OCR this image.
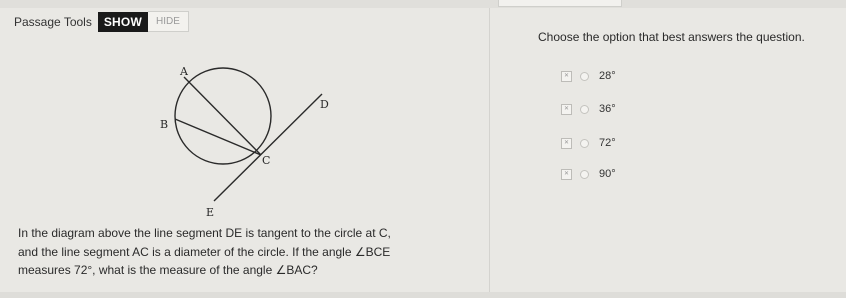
Passage Tools	SHOW	HIDE
A
D
B
C
E
In the diagram above the line segment DE is tangent to the circle at C,
and the line segment AC is a diameter of the circle. If the angle ∠BCE
measures 72°, what is the measure of the angle ∠BAC?
Choose the option that best answers the question.
✕	28°
✕	36°
✕	72°
✕	90°
